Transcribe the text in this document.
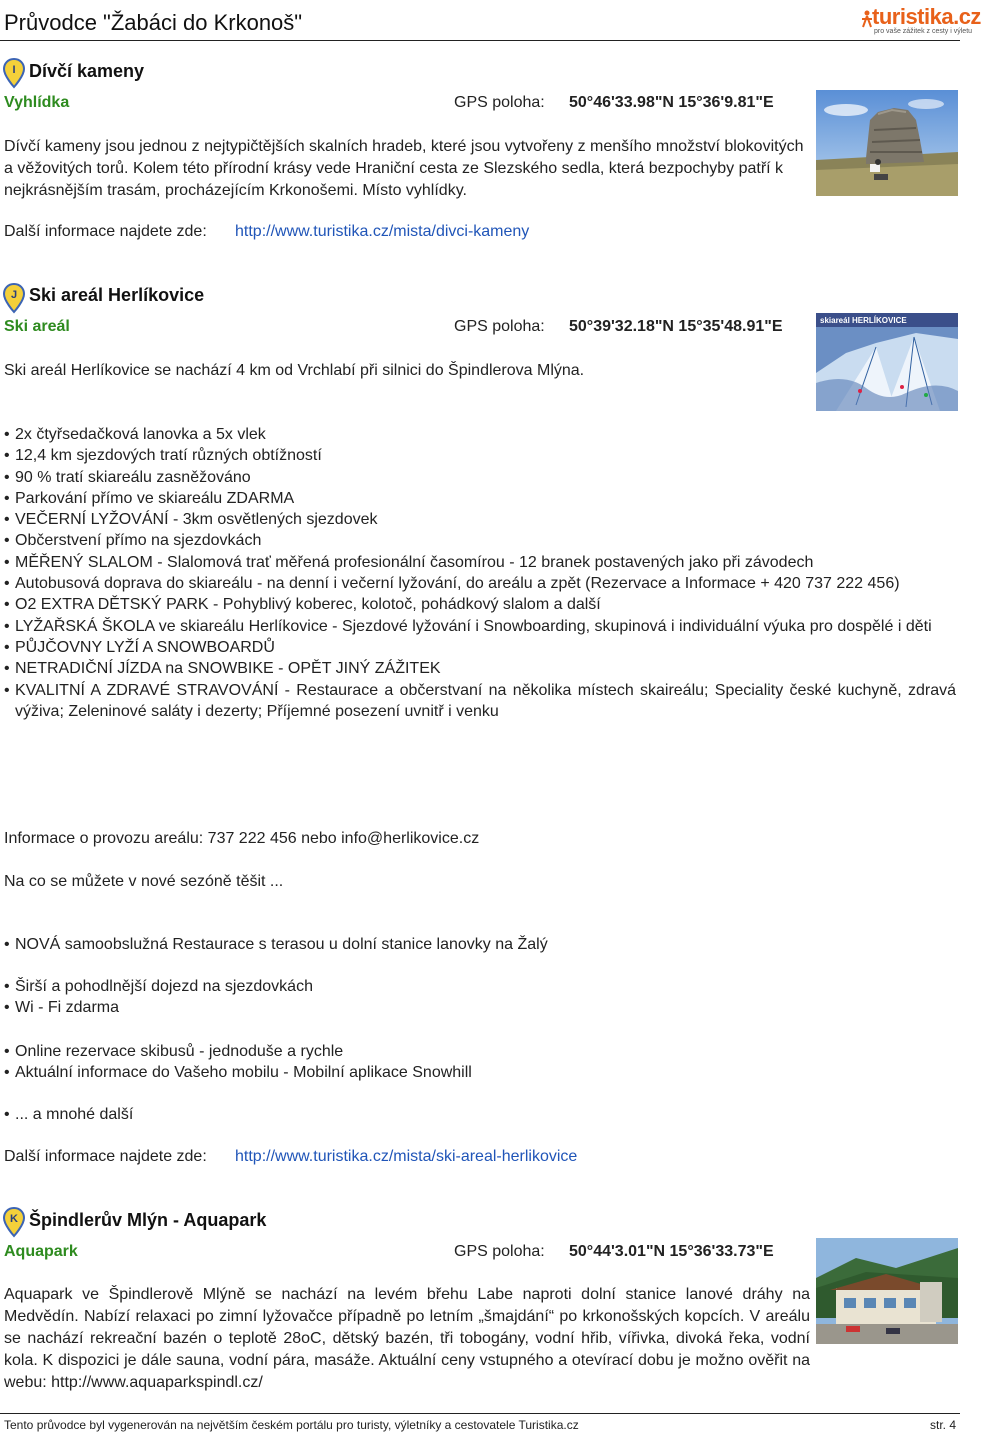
Průvodce "Žabáci do Krkonoš"	turistika.cz
pro vaše zážitek z cesty i výletu
I Dívčí kameny
Vyhlídka	GPS poloha: 50°46'33.98"N 15°36'9.81"E
Dívčí kameny jsou jednou z nejtypičtějších skalních hradeb, které jsou vytvořeny z menšího množství blokovitých a věžovitých torů. Kolem této přírodní krásy vede Hraniční cesta ze Slezského sedla, která bezpochyby patří k nejkrásnějším trasám, procházejícím Krkonošemi. Místo vyhlídky.
Další informace najdete zde: http://www.turistika.cz/mista/divci-kameny
J Ski areál Herlíkovice
Ski areál	GPS poloha: 50°39'32.18"N 15°35'48.91"E	skiareál HERLÍKOVICE
Ski areál Herlíkovice se nachází 4 km od Vrchlabí při silnici do Špindlerova Mlýna.
• 2x čtyřsedačková lanovka a 5x vlek
• 12,4 km sjezdových tratí různých obtížností
• 90 % tratí skiareálu zasněžováno
• Parkování přímo ve skiareálu ZDARMA
• VEČERNÍ LYŽOVÁNÍ - 3km osvětlených sjezdovek
• Občerstvení přímo na sjezdovkách
• MĚŘENÝ SLALOM - Slalomová trať měřená profesionální časomírou - 12 branek postavených jako při závodech
• Autobusová doprava do skiareálu - na denní i večerní lyžování, do areálu a zpět (Rezervace a Informace + 420 737 222 456)
• O2 EXTRA DĚTSKÝ PARK - Pohyblivý koberec, kolotoč, pohádkový slalom a další
• LYŽAŘSKÁ ŠKOLA ve skiareálu Herlíkovice - Sjezdové lyžování i Snowboarding, skupinová i individuální výuka pro dospělé i děti
• PŮJČOVNY LYŽÍ A SNOWBOARDŮ
• NETRADIČNÍ JÍZDA na SNOWBIKE - OPĚT JINÝ ZÁŽITEK
• KVALITNÍ A ZDRAVÉ STRAVOVÁNÍ - Restaurace a občerstvaní na několika místech skaireálu; Speciality české kuchyně, zdravá výživa; Zeleninové saláty i dezerty; Příjemné posezení uvnitř i venku
Informace o provozu areálu: 737 222 456 nebo info@herlikovice.cz
Na co se můžete v nové sezóně těšit ...
• NOVÁ samoobslužná Restaurace s terasou u dolní stanice lanovky na Žalý
• Širší a pohodlnější dojezd na sjezdovkách
• Wi - Fi zdarma
• Online rezervace skibusů - jednoduše a rychle
• Aktuální informace do Vašeho mobilu - Mobilní aplikace Snowhill
• ... a mnohé další
Další informace najdete zde: http://www.turistika.cz/mista/ski-areal-herlikovice
K Špindlerův Mlýn - Aquapark
Aquapark	GPS poloha: 50°44'3.01"N 15°36'33.73"E
Aquapark ve Špindlerově Mlýně se nachází na levém břehu Labe naproti dolní stanice lanové dráhy na Medvědín. Nabízí relaxaci po zimní lyžovačce případně po letním „šmajdání“ po krkonošských kopcích. V areálu se nachází rekreační bazén o teplotě 28oC, dětský bazén, tři tobogány, vodní hřib, vířivka, divoká řeka, vodní kola. K dispozici je dále sauna, vodní pára, masáže. Aktuální ceny vstupného a otevírací dobu je možno ověřit na webu: http://www.aquaparkspindl.cz/
Tento průvodce byl vygenerován na největším českém portálu pro turisty, výletníky a cestovatele Turistika.cz	str. 4
